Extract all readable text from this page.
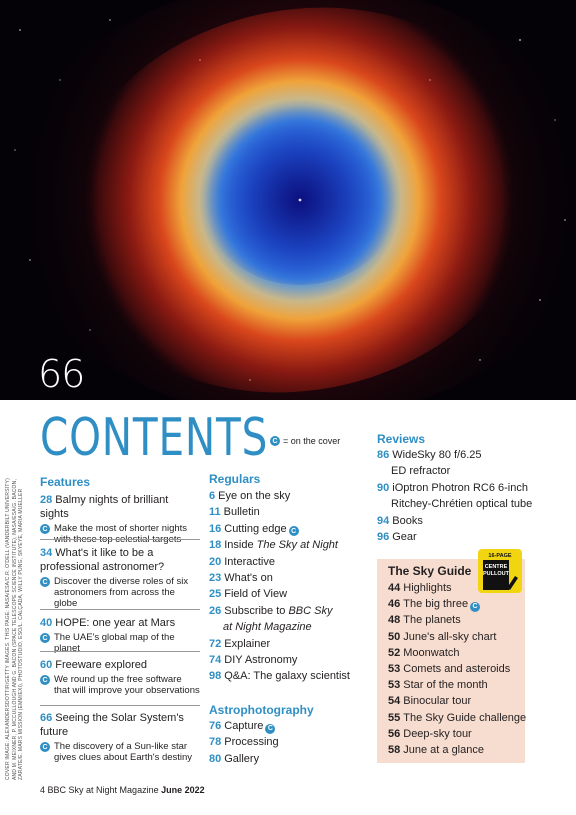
66
CONTENTS C = on the cover
COVER IMAGE: ALEXANDERSDOTTIR/GETTY IMAGES. THIS PAGE: NASA/ESA/C.R. O'DELL (VANDERBILT UNIVERSITY) AND M. MEIXNER, P. MCCULLOUGH AND G. BACON (SPACE TELESCOPE SCIENCE INSTITUTE), NASA/ESA/G. BACON, ZARATE/E. MARS MISSION (EMM/EXI), PHOTOSTUDIO, ESO/L. CALÇADA, WILLY PUNG, SKYEYE, MARIA MUELLER
Features
28 Balmy nights of brilliant sights
C Make the most of shorter nights with these top celestial targets
34 What's it like to be a professional astronomer?
C Discover the diverse roles of six astronomers from across the globe
40 HOPE: one year at Mars
C The UAE's global map of the planet
60 Freeware explored
C We round up the free software that will improve your observations
66 Seeing the Solar System's future
C The discovery of a Sun-like star gives clues about Earth's destiny
Regulars
6 Eye on the sky
11 Bulletin
16 Cutting edge C
18 Inside The Sky at Night
20 Interactive
23 What's on
25 Field of View
26 Subscribe to BBC Sky
at Night Magazine
72 Explainer
74 DIY Astronomy
98 Q&A: The galaxy scientist
Astrophotography
76 Capture C
78 Processing
80 Gallery
Reviews
86 WideSky 80 f/6.25
ED refractor
90 iOptron Photron RC6 6-inch
Ritchey-Chrétien optical tube
94 Books
96 Gear
The Sky Guide
16-PAGE
CENTRE
PULLOUT
44 Highlights
46 The big three C
48 The planets
50 June's all-sky chart
52 Moonwatch
53 Comets and asteroids
53 Star of the month
54 Binocular tour
55 The Sky Guide challenge
56 Deep-sky tour
58 June at a glance
4 BBC Sky at Night Magazine June 2022
